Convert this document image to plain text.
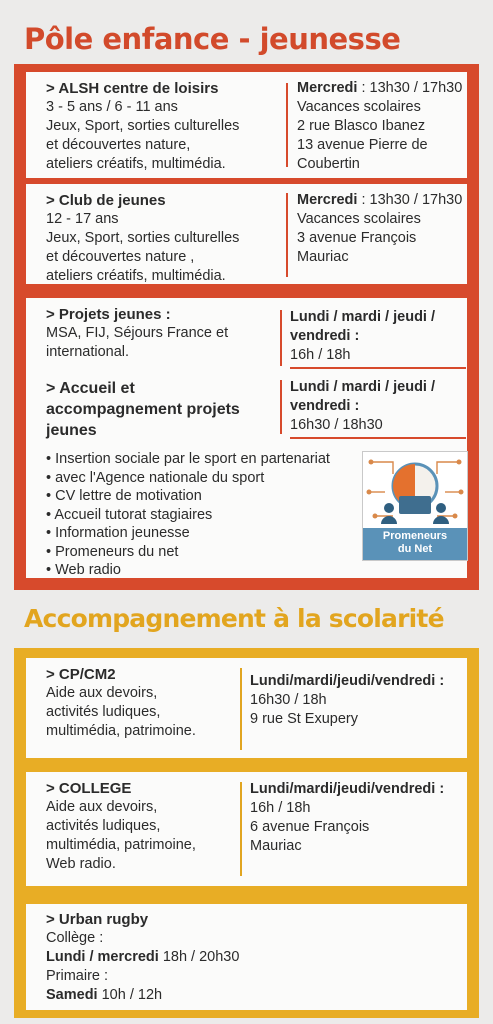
Pôle enfance - jeunesse
> ALSH centre de loisirs
3 - 5 ans / 6 - 11 ans
Jeux, Sport, sorties culturelles
et découvertes nature,
ateliers créatifs, multimédia.

Mercredi : 13h30 / 17h30

Vacances scolaires

2 rue Blasco Ibanez

13 avenue Pierre de

Coubertin

> Club de jeunes
12 - 17 ans
Jeux, Sport, sorties culturelles
et découvertes nature ,
ateliers créatifs, multimédia.

Mercredi : 13h30 / 17h30

Vacances scolaires

3 avenue François

Mauriac

> Projets jeunes :
MSA, FIJ, Séjours France et
international.

Lundi / mardi / jeudi /

vendredi :

16h / 18h

> Accueil et
accompagnement projets
jeunes

Lundi / mardi / jeudi /

vendredi :

16h30 / 18h30

• Insertion sociale par le sport en partenariat
• avec l'Agence nationale du sport
• CV lettre de motivation
• Accueil tutorat stagiaires
• Information jeunesse
• Promeneurs du net
• Web radio
Promeneurs
du Net
Accompagnement à la scolarité
> CP/CM2
Aide aux devoirs,
activités ludiques,
multimédia, patrimoine.

Lundi/mardi/jeudi/vendredi :

16h30 / 18h

9 rue St Exupery

> COLLEGE
Aide aux devoirs,
activités ludiques,
multimédia, patrimoine,
Web radio.

Lundi/mardi/jeudi/vendredi :

16h / 18h

6 avenue François

Mauriac

> Urban rugby
Collège :
Lundi / mercredi 18h / 20h30
Primaire :
Samedi 10h / 12h
